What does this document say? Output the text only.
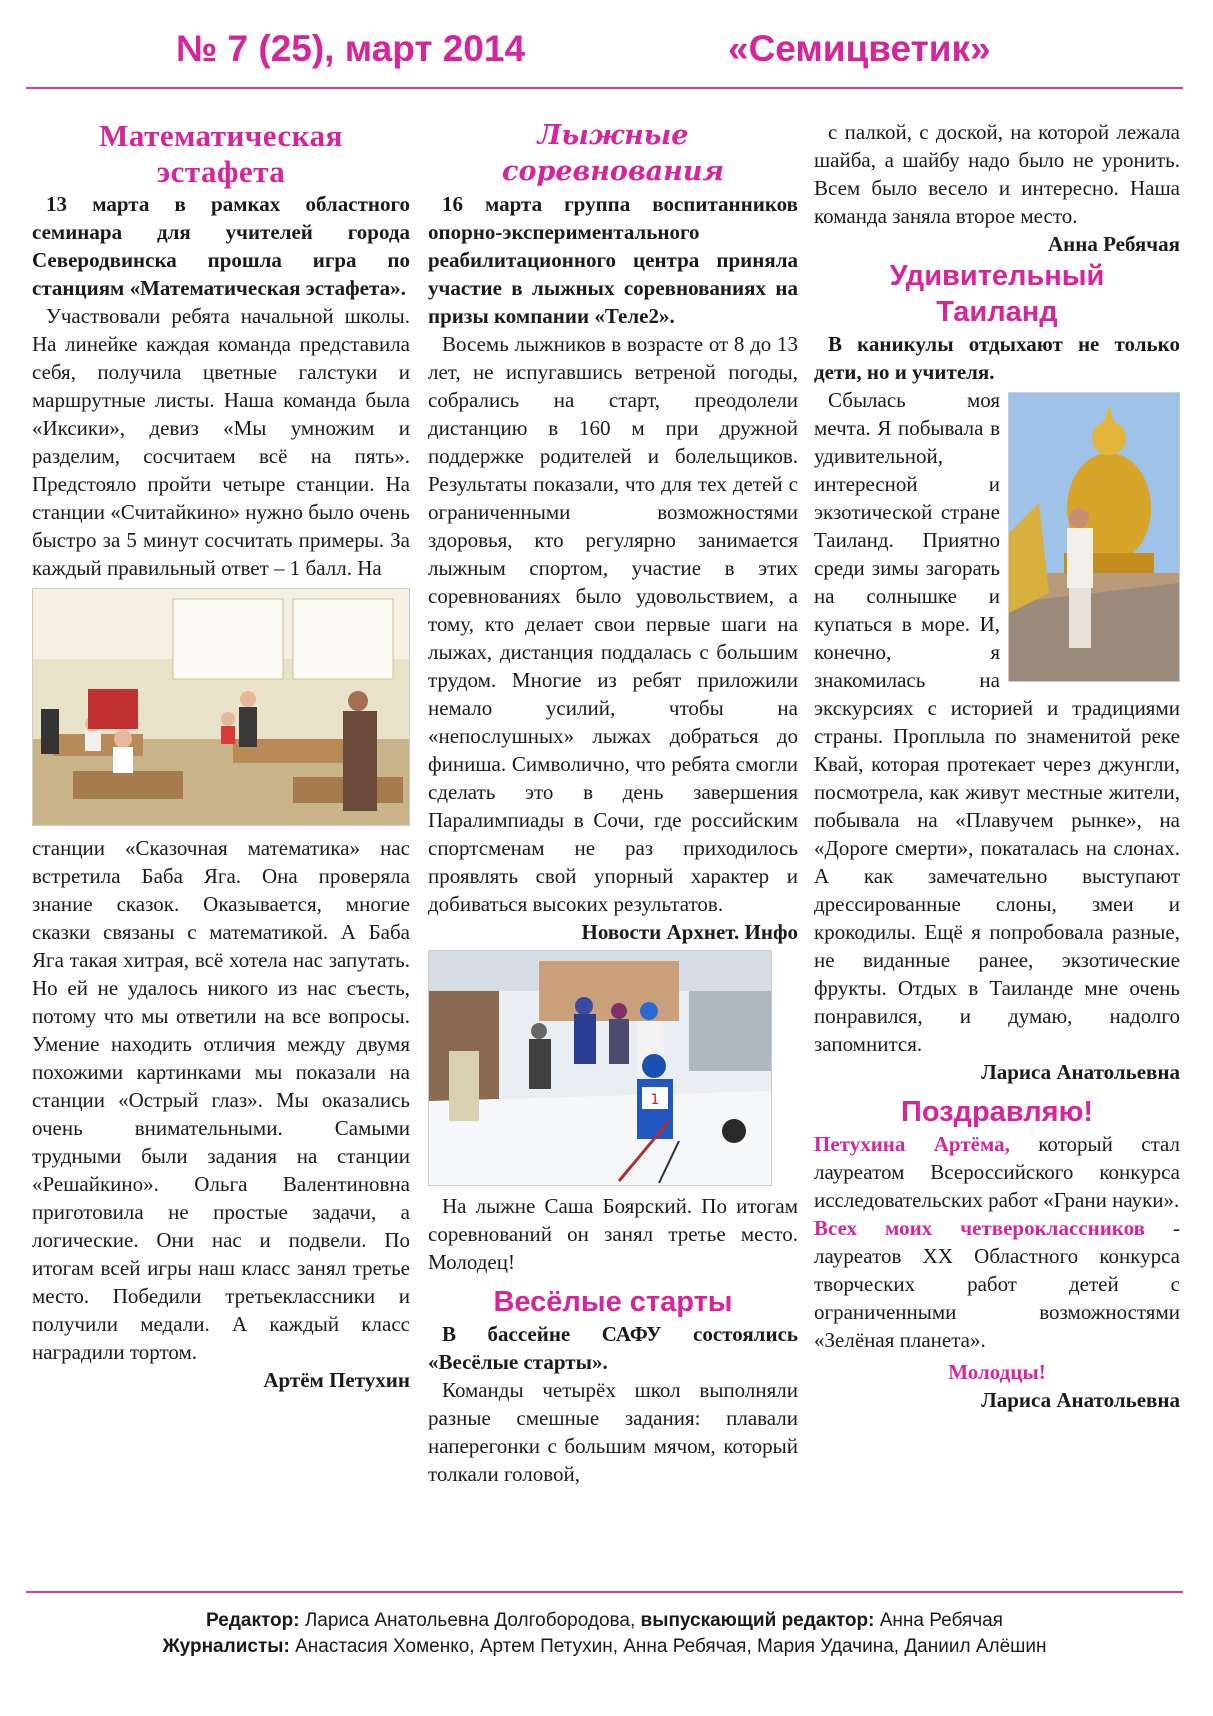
№ 7 (25), март 2014	«Семицветик»
Математическая
эстафета

13 марта в рамках областного семинара для учителей города Северодвинска прошла игра по станциям «Математическая эстафета».

Участвовали ребята начальной школы. На линейке каждая команда представила себя, получила цветные галстуки и маршрутные листы. Наша команда была «Иксики», девиз «Мы умножим и разделим, сосчитаем всё на пять». Предстояло пройти четыре станции. На станции «Считайкино» нужно было очень быстро за 5 минут сосчитать примеры. За каждый правильный ответ – 1 балл. На

станции «Сказочная математика» нас встретила Баба Яга. Она проверяла знание сказок. Оказывается, многие сказки связаны с математикой. А Баба Яга такая хитрая, всё хотела нас запутать. Но ей не удалось никого из нас съесть, потому что мы ответили на все вопросы. Умение находить отличия между двумя похожими картинками мы показали на станции «Острый глаз». Мы оказались очень внимательными. Самыми трудными были задания на станции «Решайкино». Ольга Валентиновна приготовила не простые задачи, а логические. Они нас и подвели. По итогам всей игры наш класс занял третье место. Победили третьеклассники и получили медали. А каждый класс наградили тортом.

Артём Петухин

Лыжные соревнования

16 марта группа воспитанников опорно-экспериментального реабилитационного центра приняла участие в лыжных соревнованиях на призы компании «Теле2».

Восемь лыжников в возрасте от 8 до 13 лет, не испугавшись ветреной погоды, собрались на старт, преодолели дистанцию в 160 м при дружной поддержке родителей и болельщиков. Результаты показали, что для тех детей с ограниченными возможностями здоровья, кто регулярно занимается лыжным спортом, участие в этих соревнованиях было удовольствием, а тому, кто делает свои первые шаги на лыжах, дистанция поддалась с большим трудом. Многие из ребят приложили немало усилий, чтобы на «непослушных» лыжах добраться до финиша. Символично, что ребята смогли сделать это в день завершения Паралимпиады в Сочи, где российским спортсменам не раз приходилось проявлять свой упорный характер и добиваться высоких результатов.

Новости Архнет. Инфо

1

На лыжне Саша Боярский. По итогам соревнований он занял третье место. Молодец!

Весёлые старты

В бассейне САФУ состоялись «Весёлые старты».

Команды четырёх школ выполняли разные смешные задания: плавали наперегонки с большим мячом, который толкали головой,

с палкой, с доской, на которой лежала шайба, а шайбу надо было не уронить. Всем было весело и интересно. Наша команда заняла второе место.

Анна Ребячая

Удивительный
Таиланд

В каникулы отдыхают не только дети, но и учителя.

Сбылась моя мечта. Я побывала в удивительной, интересной и экзотической стране Таиланд. Приятно среди зимы загорать на солнышке и купаться в море. И, конечно, я знакомилась на экскурсиях с историей и традициями страны. Проплыла по знаменитой реке Квай, которая протекает через джунгли, посмотрела, как живут местные жители, побывала на «Плавучем рынке», на «Дороге смерти», покаталась на слонах. А как замечательно выступают дрессированные слоны, змеи и крокодилы. Ещё я попробовала разные, не виданные ранее, экзотические фрукты. Отдых в Таиланде мне очень понравился, и думаю, надолго запомнится.

Лариса Анатольевна

Поздравляю!

Петухина Артёма, который стал лауреатом Всероссийского конкурса исследовательских работ «Грани науки».

Всех моих четвероклассников - лауреатов XX Областного конкурса творческих работ детей с ограниченными возможностями «Зелёная планета».

Молодцы!

Лариса Анатольевна

Редактор: Лариса Анатольевна Долгобородова, выпускающий редактор: Анна Ребячая
Журналисты: Анастасия Хоменко, Артем Петухин, Анна Ребячая, Мария Удачина, Даниил Алёшин
